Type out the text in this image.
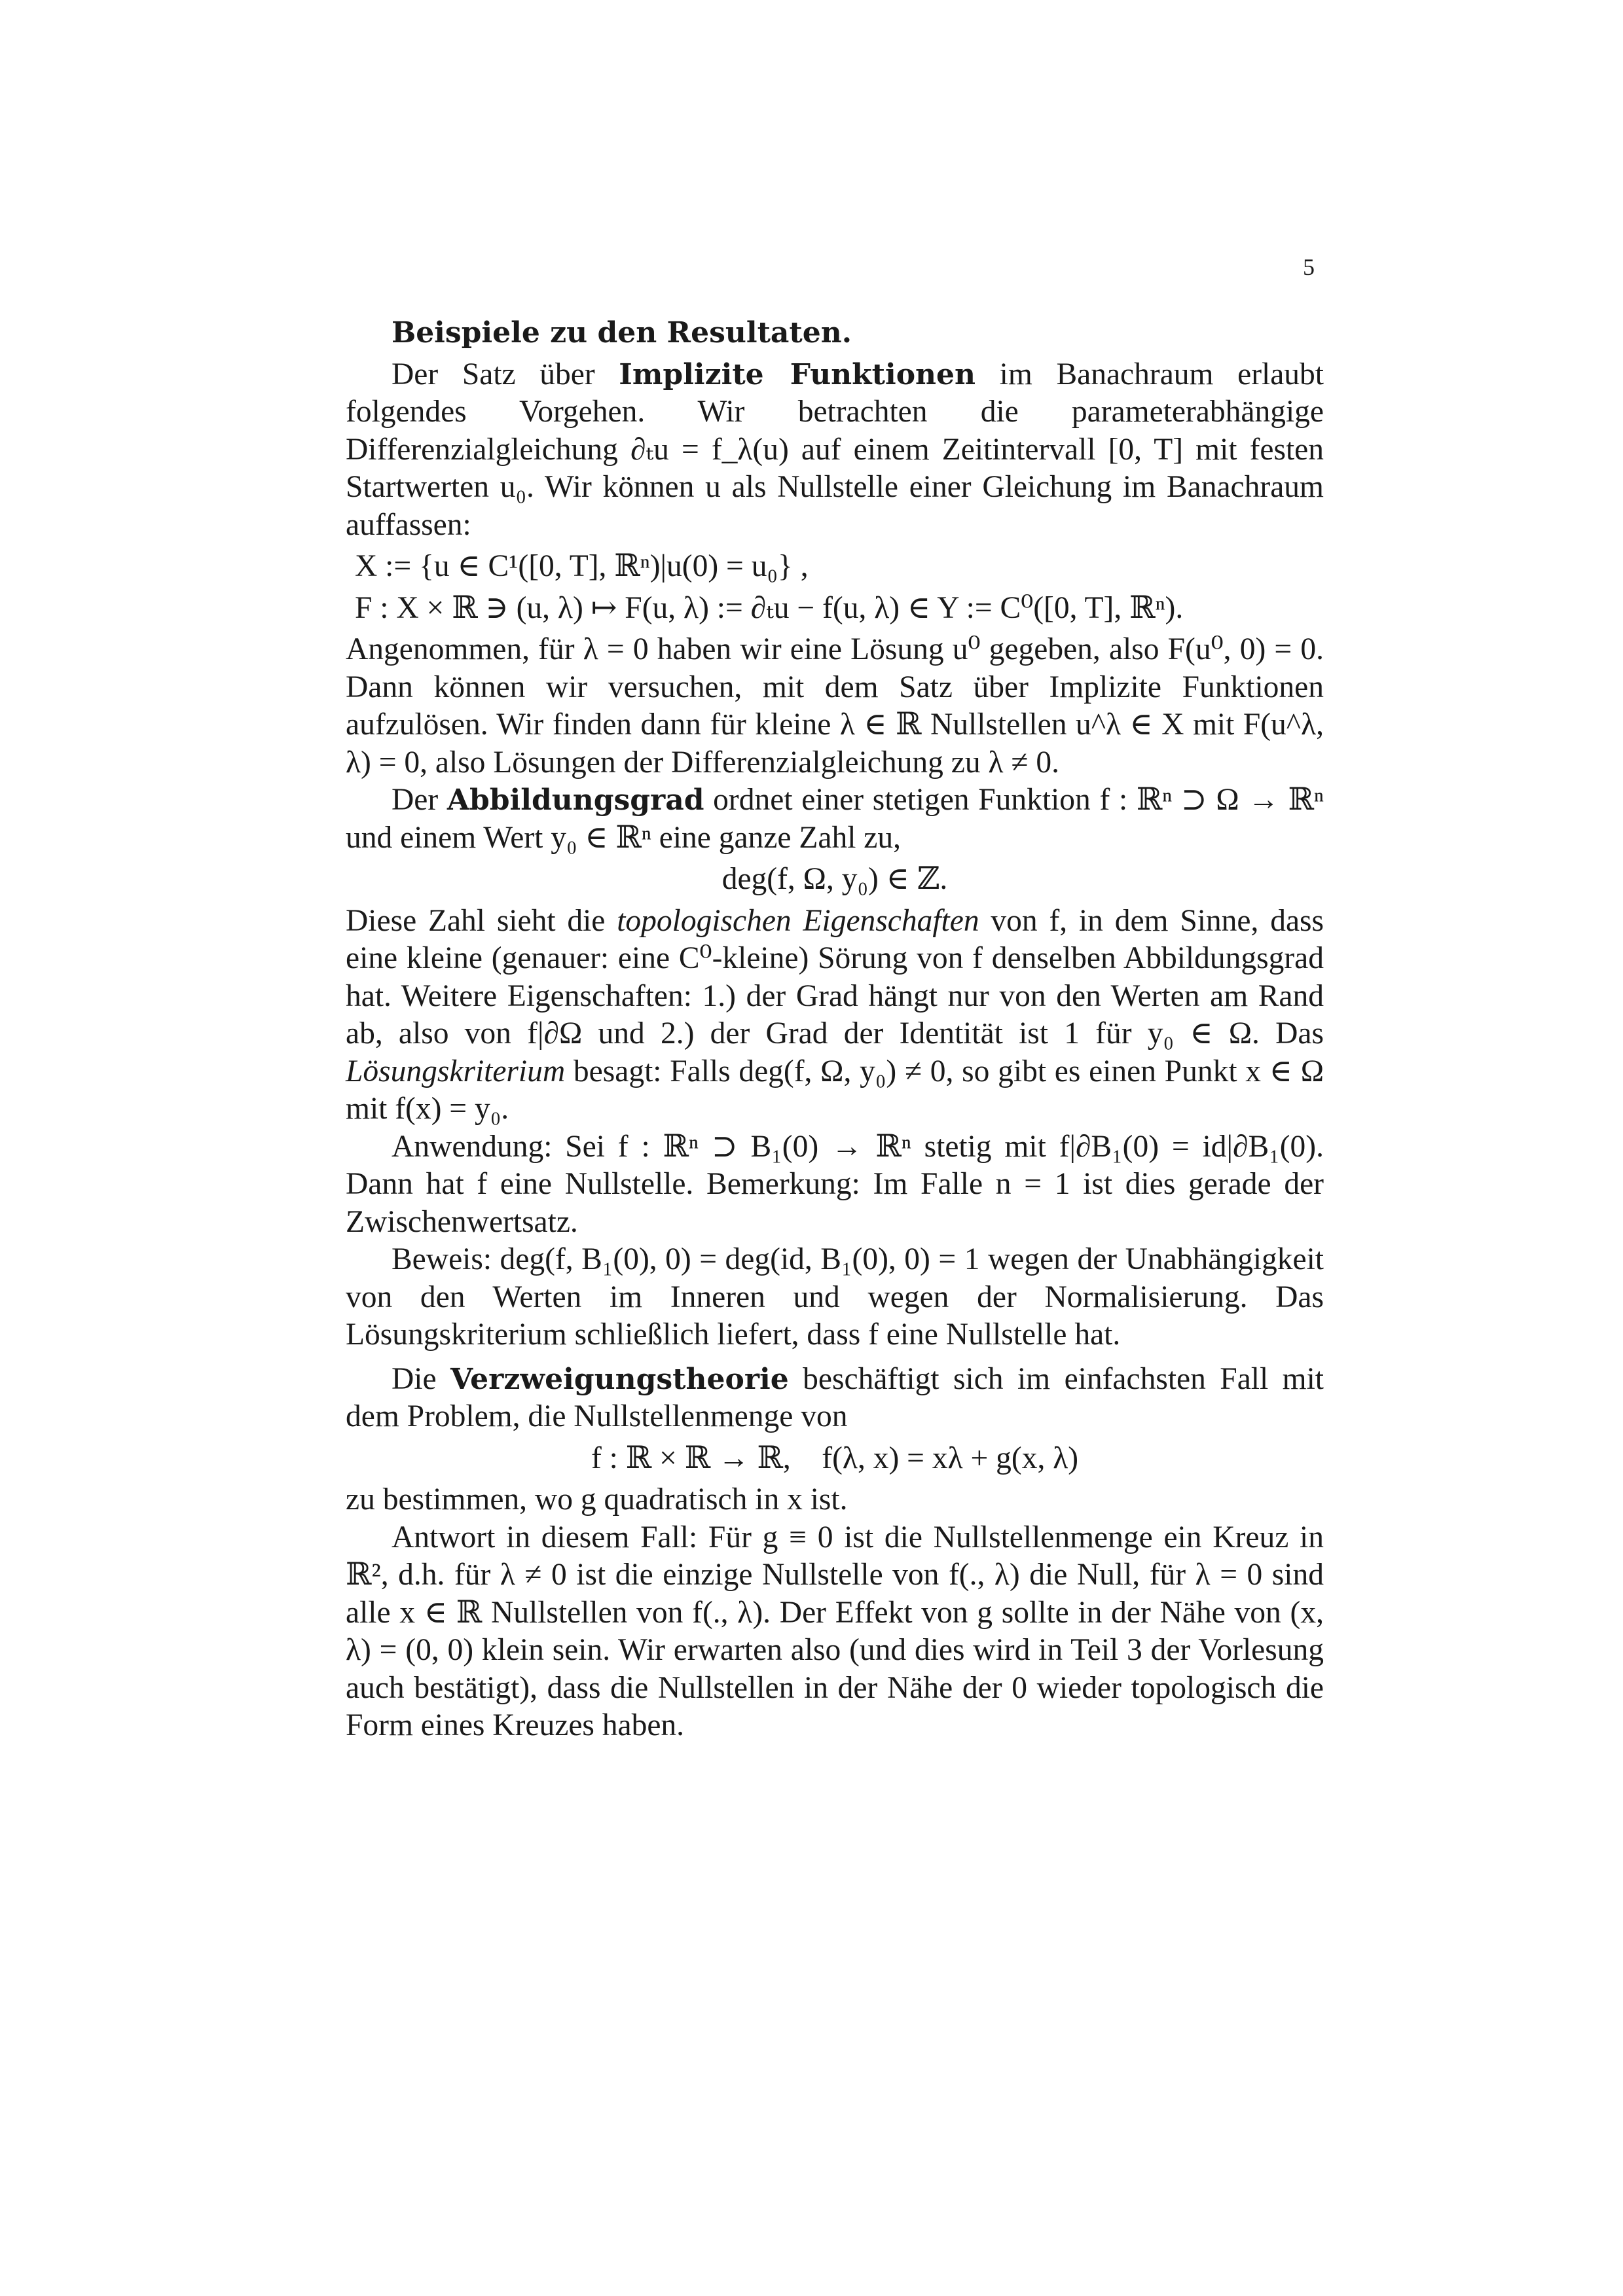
5

Beispiele zu den Resultaten.

Der Satz über Implizite Funktionen im Banachraum erlaubt folgendes Vorgehen. Wir betrachten die parameterabhängige Differenzialgleichung ∂ₜu = f_λ(u) auf einem Zeitintervall [0, T] mit festen Startwerten u₀. Wir können u als Nullstelle einer Gleichung im Banachraum auffassen:

X := {u ∈ C¹([0, T], ℝⁿ)|u(0) = u₀} ,

F : X × ℝ ∋ (u, λ) ↦ F(u, λ) := ∂ₜu − f(u, λ) ∈ Y := C⁰([0, T], ℝⁿ).

Angenommen, für λ = 0 haben wir eine Lösung u⁰ gegeben, also F(u⁰, 0) = 0. Dann können wir versuchen, mit dem Satz über Implizite Funktionen aufzulösen. Wir finden dann für kleine λ ∈ ℝ Nullstellen u^λ ∈ X mit F(u^λ, λ) = 0, also Lösungen der Differenzialgleichung zu λ ≠ 0.

Der Abbildungsgrad ordnet einer stetigen Funktion f : ℝⁿ ⊃ Ω → ℝⁿ und einem Wert y₀ ∈ ℝⁿ eine ganze Zahl zu,

deg(f, Ω, y₀) ∈ ℤ.

Diese Zahl sieht die topologischen Eigenschaften von f, in dem Sinne, dass eine kleine (genauer: eine C⁰-kleine) Sörung von f denselben Abbildungsgrad hat. Weitere Eigenschaften: 1.) der Grad hängt nur von den Werten am Rand ab, also von f|∂Ω und 2.) der Grad der Identität ist 1 für y₀ ∈ Ω. Das Lösungskriterium besagt: Falls deg(f, Ω, y₀) ≠ 0, so gibt es einen Punkt x ∈ Ω mit f(x) = y₀.

Anwendung: Sei f : ℝⁿ ⊃ B₁(0) → ℝⁿ stetig mit f|∂B₁(0) = id|∂B₁(0). Dann hat f eine Nullstelle. Bemerkung: Im Falle n = 1 ist dies gerade der Zwischenwertsatz.

Beweis: deg(f, B₁(0), 0) = deg(id, B₁(0), 0) = 1 wegen der Unabhängigkeit von den Werten im Inneren und wegen der Normalisierung. Das Lösungskriterium schließlich liefert, dass f eine Nullstelle hat.

Die Verzweigungstheorie beschäftigt sich im einfachsten Fall mit dem Problem, die Nullstellenmenge von

f : ℝ × ℝ → ℝ,    f(λ, x) = xλ + g(x, λ)

zu bestimmen, wo g quadratisch in x ist.

Antwort in diesem Fall: Für g ≡ 0 ist die Nullstellenmenge ein Kreuz in ℝ², d.h. für λ ≠ 0 ist die einzige Nullstelle von f(., λ) die Null, für λ = 0 sind alle x ∈ ℝ Nullstellen von f(., λ). Der Effekt von g sollte in der Nähe von (x, λ) = (0, 0) klein sein. Wir erwarten also (und dies wird in Teil 3 der Vorlesung auch bestätigt), dass die Nullstellen in der Nähe der 0 wieder topologisch die Form eines Kreuzes haben.
